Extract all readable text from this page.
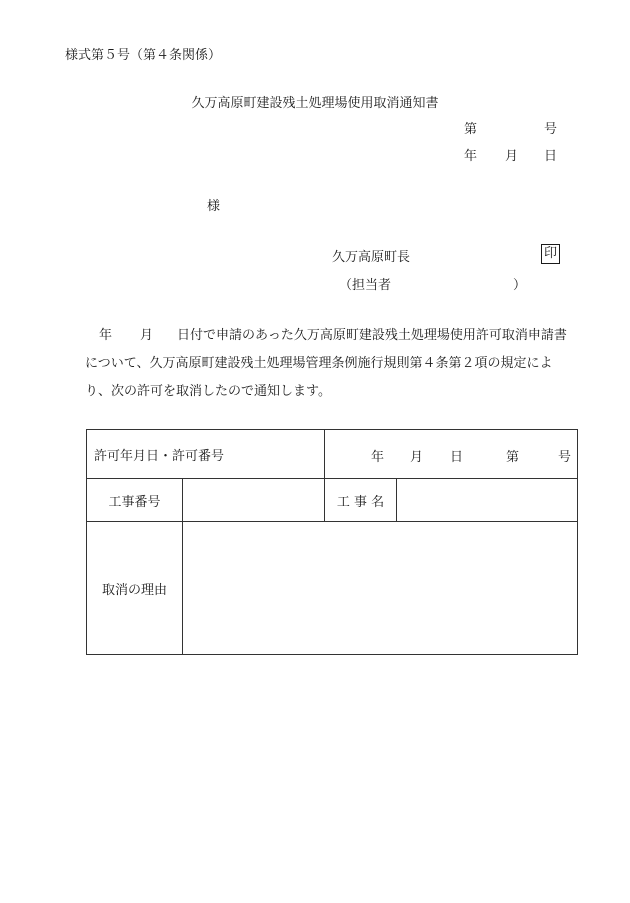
様式第５号（第４条関係）
久万高原町建設残土処理場使用取消通知書
第	号
年 月 日
様
久万高原町長	印
（担当者	）
年 月 日付で申請のあった久万高原町建設残土処理場使用許可取消申請書について、久万高原町建設残土処理場管理条例施行規則第４条第２項の規定により、次の許可を取消したので通知します。
許可年月日・許可番号		年 月 日 第 号	

工事番号		工 事 名	
取消の理由			
